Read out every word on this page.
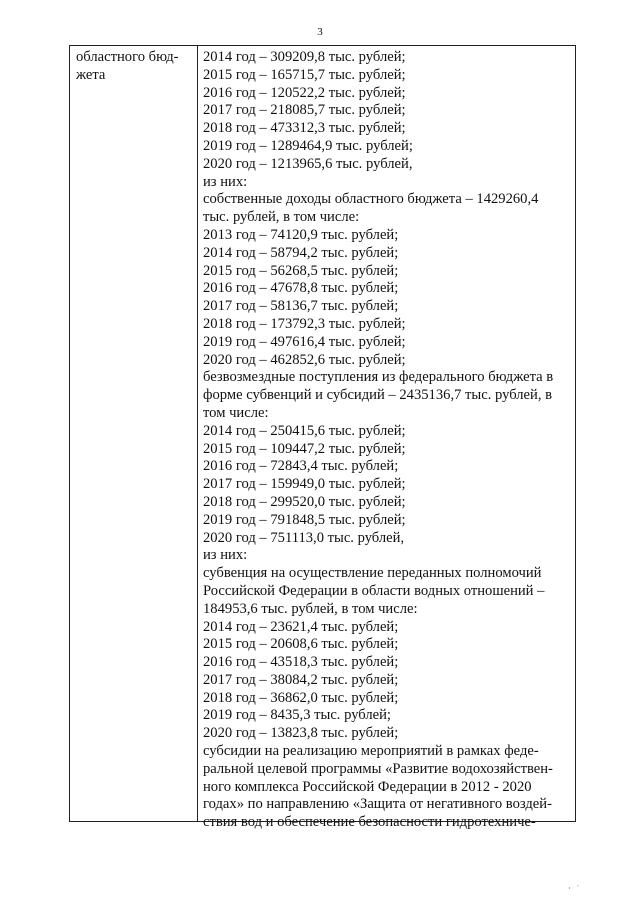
3
областного бюд-
жета
2014 год – 309209,8 тыс. рублей;
2015 год – 165715,7 тыс. рублей;
2016 год – 120522,2 тыс. рублей;
2017 год – 218085,7 тыс. рублей;
2018 год – 473312,3 тыс. рублей;
2019 год – 1289464,9 тыс. рублей;
2020 год – 1213965,6 тыс. рублей,
из них:
собственные доходы областного бюджета – 1429260,4
тыс. рублей, в том числе:
2013 год – 74120,9 тыс. рублей;
2014 год – 58794,2 тыс. рублей;
2015 год – 56268,5 тыс. рублей;
2016 год – 47678,8 тыс. рублей;
2017 год – 58136,7 тыс. рублей;
2018 год – 173792,3 тыс. рублей;
2019 год – 497616,4 тыс. рублей;
2020 год – 462852,6 тыс. рублей;
безвозмездные поступления из федерального бюджета в
форме субвенций и субсидий – 2435136,7 тыс. рублей, в
том числе:
2014 год – 250415,6 тыс. рублей;
2015 год – 109447,2 тыс. рублей;
2016 год – 72843,4 тыс. рублей;
2017 год – 159949,0 тыс. рублей;
2018 год – 299520,0 тыс. рублей;
2019 год – 791848,5 тыс. рублей;
2020 год – 751113,0 тыс. рублей,
из них:
субвенция на осуществление переданных полномочий
Российской Федерации в области водных отношений –
184953,6 тыс. рублей, в том числе:
2014 год – 23621,4 тыс. рублей;
2015 год – 20608,6 тыс. рублей;
2016 год – 43518,3 тыс. рублей;
2017 год – 38084,2 тыс. рублей;
2018 год – 36862,0 тыс. рублей;
2019 год – 8435,3 тыс. рублей;
2020 год – 13823,8 тыс. рублей;
субсидии на реализацию мероприятий в рамках феде-
ральной целевой программы «Развитие водохозяйствен-
ного комплекса Российской Федерации в 2012 - 2020
годах» по направлению «Защита от негативного воздей-
ствия вод и обеспечение безопасности гидротехниче-
·ˈ
